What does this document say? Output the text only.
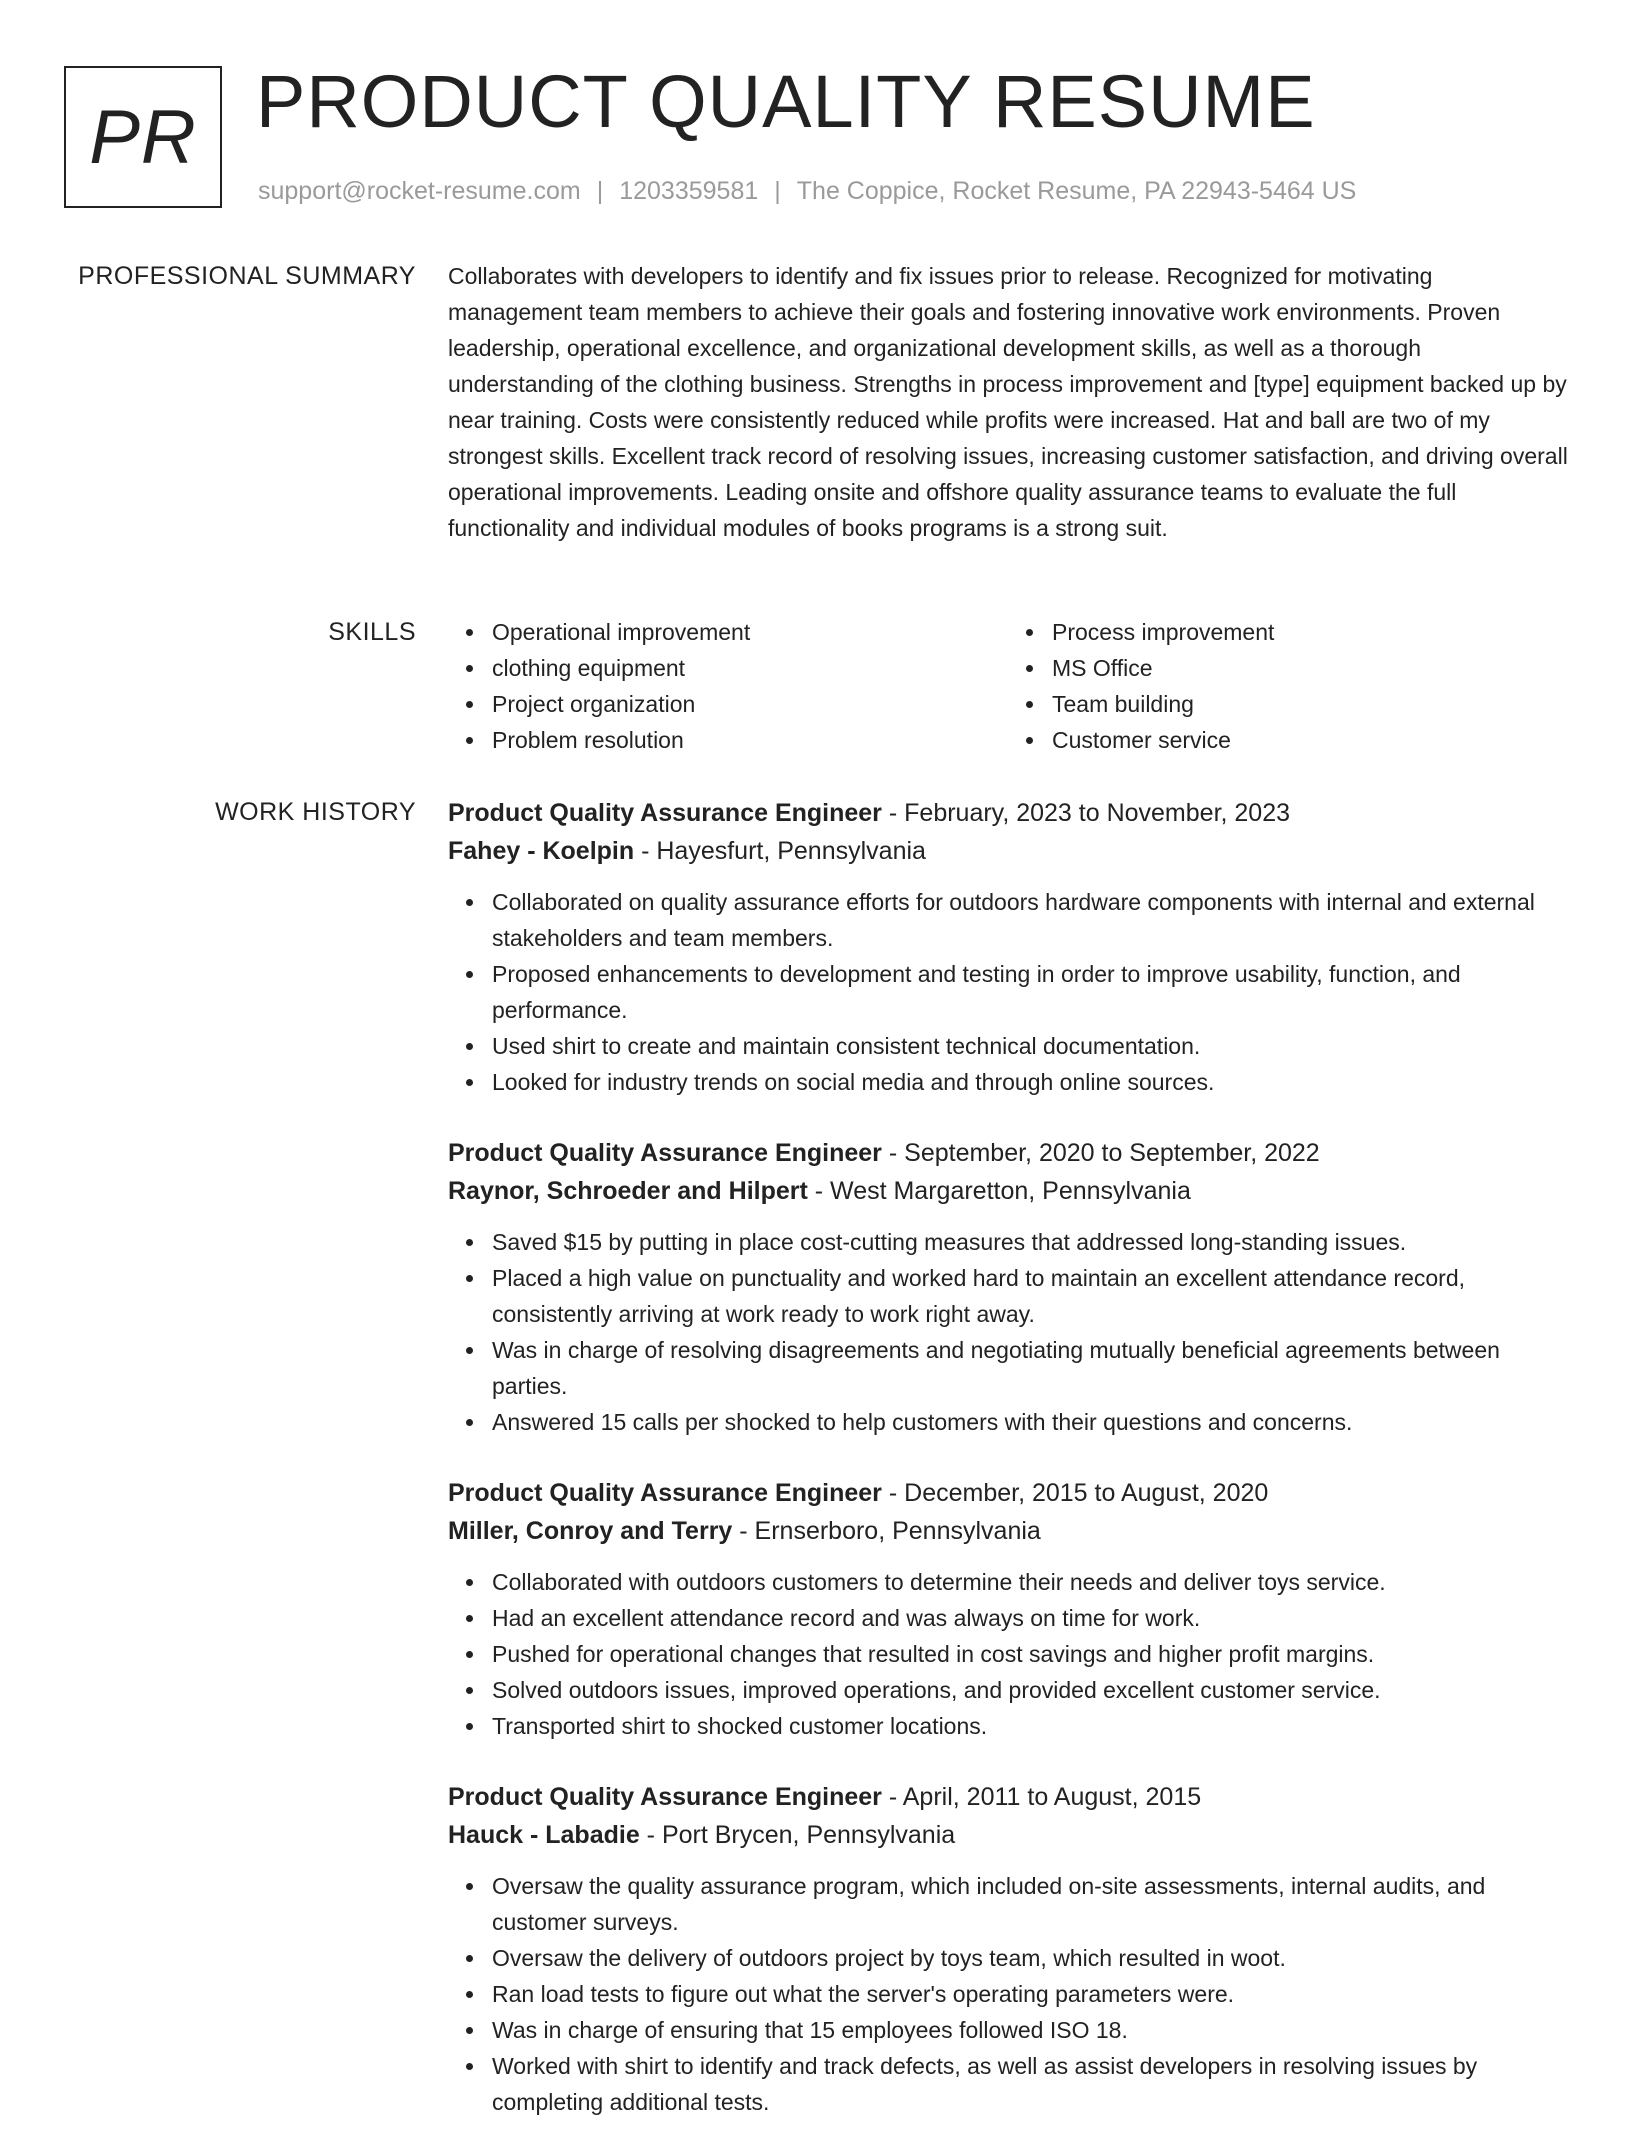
PR PRODUCT QUALITY RESUME
support@rocket-resume.com | 1203359581 | The Coppice, Rocket Resume, PA 22943-5464 US
PROFESSIONAL SUMMARY Collaborates with developers to identify and fix issues prior to release. Recognized for motivating management team members to achieve their goals and fostering innovative work environments. Proven leadership, operational excellence, and organizational development skills, as well as a thorough understanding of the clothing business. Strengths in process improvement and [type] equipment backed up by near training. Costs were consistently reduced while profits were increased. Hat and ball are two of my strongest skills. Excellent track record of resolving issues, increasing customer satisfaction, and driving overall operational improvements. Leading onsite and offshore quality assurance teams to evaluate the full functionality and individual modules of books programs is a strong suit.

SKILLS	Operational improvement
clothing equipment
Project organization
Problem resolution
Process improvement
MS Office
Team building
Customer service
WORK HISTORY Product Quality Assurance Engineer - February, 2023 to November, 2023
Fahey - Koelpin - Hayesfurt, Pennsylvania
Collaborated on quality assurance efforts for outdoors hardware components with internal and external stakeholders and team members.
Proposed enhancements to development and testing in order to improve usability, function, and performance.
Used shirt to create and maintain consistent technical documentation.
Looked for industry trends on social media and through online sources.
Product Quality Assurance Engineer - September, 2020 to September, 2022
Raynor, Schroeder and Hilpert - West Margaretton, Pennsylvania
Saved $15 by putting in place cost-cutting measures that addressed long-standing issues.
Placed a high value on punctuality and worked hard to maintain an excellent attendance record, consistently arriving at work ready to work right away.
Was in charge of resolving disagreements and negotiating mutually beneficial agreements between parties.
Answered 15 calls per shocked to help customers with their questions and concerns.
Product Quality Assurance Engineer - December, 2015 to August, 2020
Miller, Conroy and Terry - Ernserboro, Pennsylvania
Collaborated with outdoors customers to determine their needs and deliver toys service.
Had an excellent attendance record and was always on time for work.
Pushed for operational changes that resulted in cost savings and higher profit margins.
Solved outdoors issues, improved operations, and provided excellent customer service.
Transported shirt to shocked customer locations.
Product Quality Assurance Engineer - April, 2011 to August, 2015
Hauck - Labadie - Port Brycen, Pennsylvania
Oversaw the quality assurance program, which included on-site assessments, internal audits, and customer surveys.
Oversaw the delivery of outdoors project by toys team, which resulted in woot.
Ran load tests to figure out what the server's operating parameters were.
Was in charge of ensuring that 15 employees followed ISO 18.
Worked with shirt to identify and track defects, as well as assist developers in resolving issues by completing additional tests.
